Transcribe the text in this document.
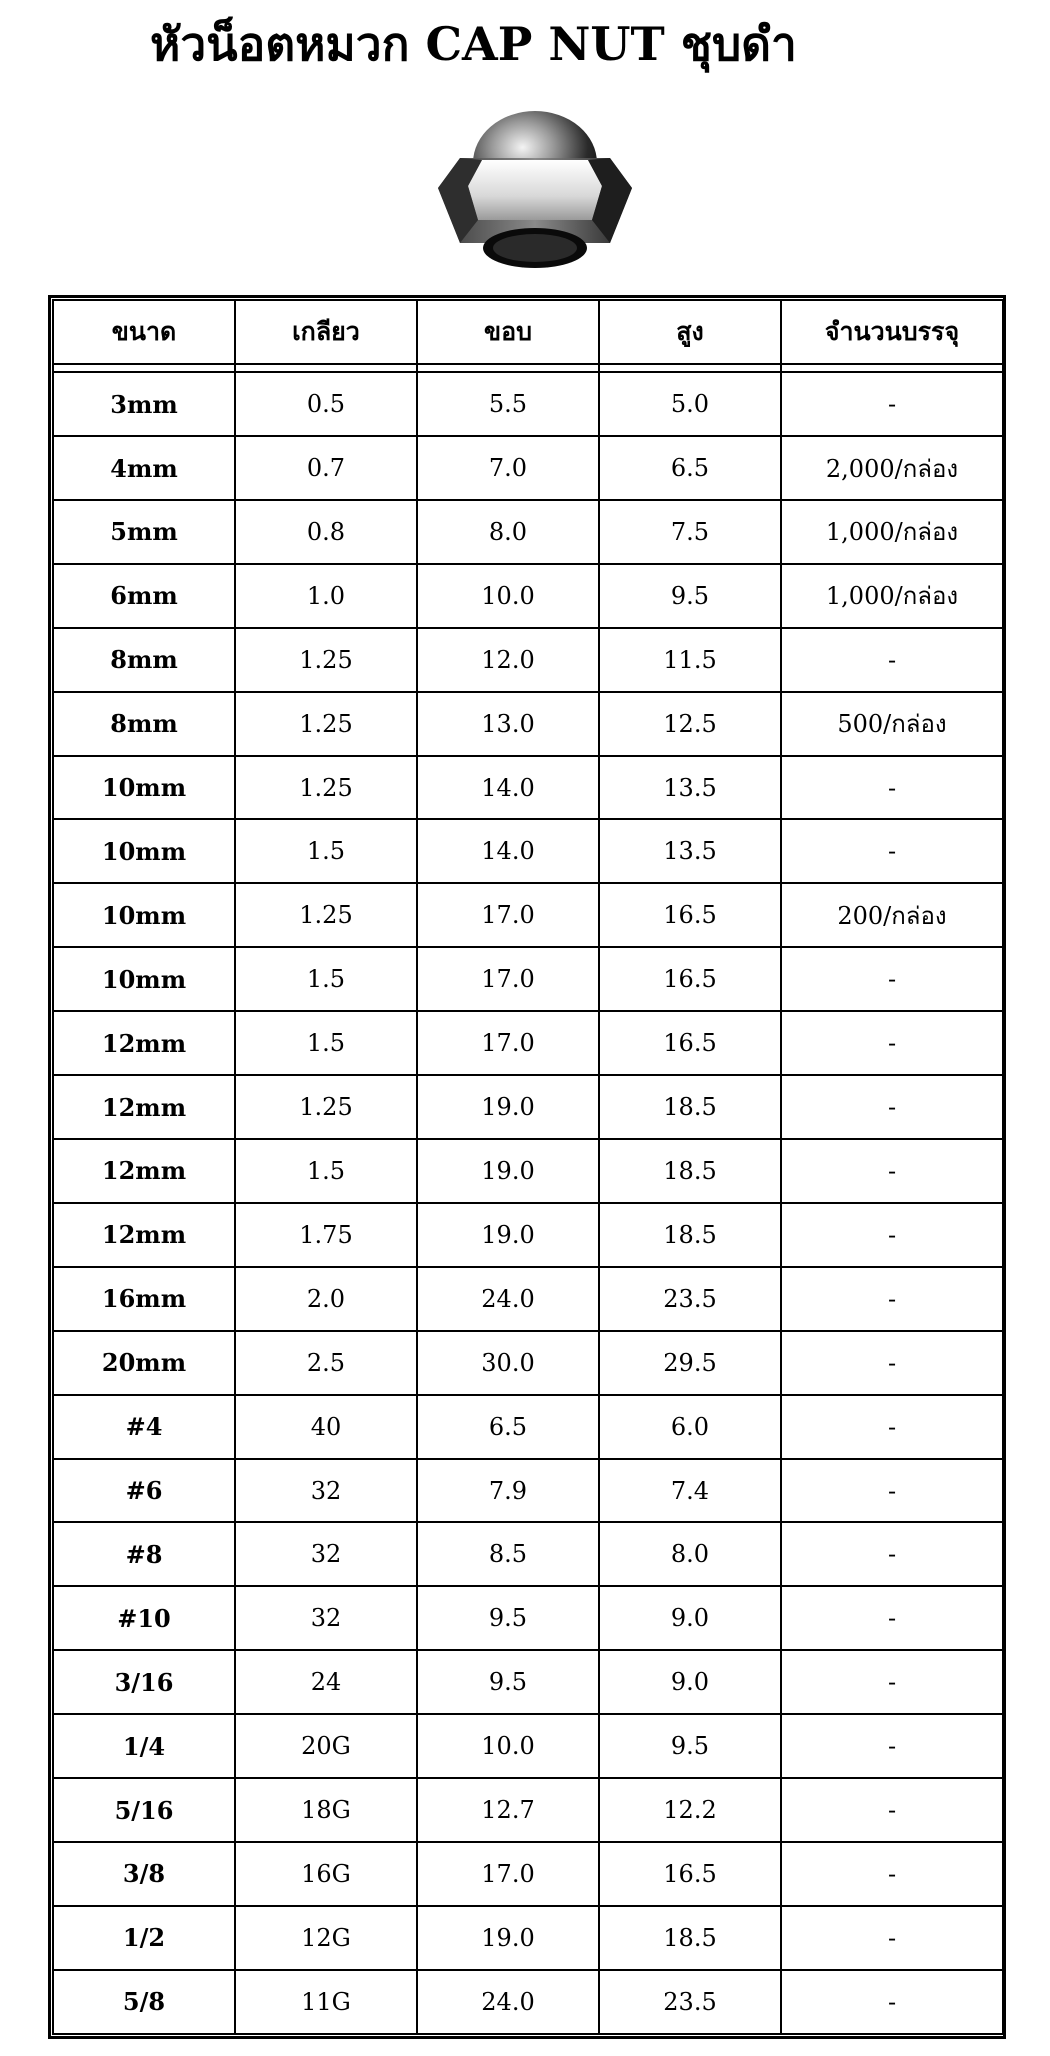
หัวน็อตหมวก CAP NUT ชุบดำ
ขนาด	เกลียว	ขอบ	สูง	จำนวนบรรจุ

3mm	0.5	5.5	5.0	-
4mm	0.7	7.0	6.5	2,000/กล่อง
5mm	0.8	8.0	7.5	1,000/กล่อง
6mm	1.0	10.0	9.5	1,000/กล่อง
8mm	1.25	12.0	11.5	-
8mm	1.25	13.0	12.5	500/กล่อง
10mm	1.25	14.0	13.5	-
10mm	1.5	14.0	13.5	-
10mm	1.25	17.0	16.5	200/กล่อง
10mm	1.5	17.0	16.5	-
12mm	1.5	17.0	16.5	-
12mm	1.25	19.0	18.5	-
12mm	1.5	19.0	18.5	-
12mm	1.75	19.0	18.5	-
16mm	2.0	24.0	23.5	-
20mm	2.5	30.0	29.5	-
#4	40	6.5	6.0	-
#6	32	7.9	7.4	-
#8	32	8.5	8.0	-
#10	32	9.5	9.0	-
3/16	24	9.5	9.0	-
1/4	20G	10.0	9.5	-
5/16	18G	12.7	12.2	-
3/8	16G	17.0	16.5	-
1/2	12G	19.0	18.5	-
5/8	11G	24.0	23.5	-
